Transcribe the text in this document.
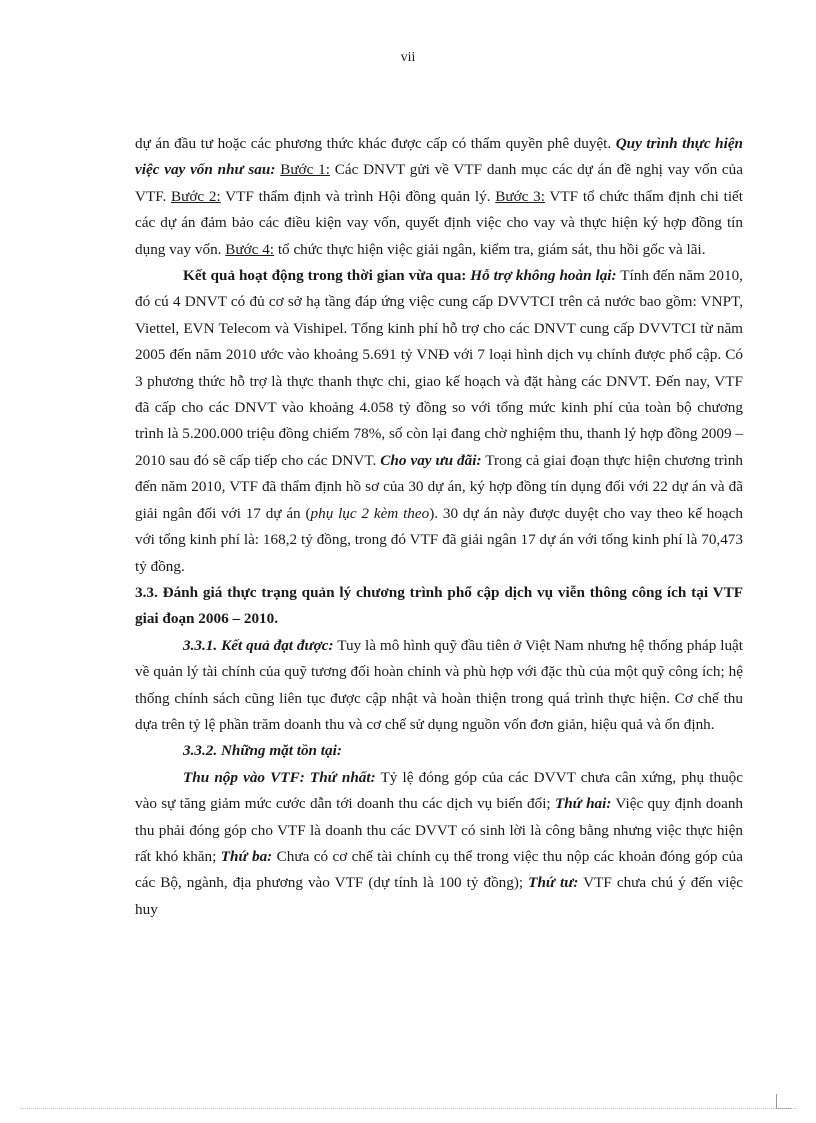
vii

dự án đầu tư hoặc các phương thức khác được cấp có thẩm quyền phê duyệt. Quy trình thực hiện việc vay vốn như sau: Bước 1: Các DNVT gửi về VTF danh mục các dự án đề nghị vay vốn của VTF. Bước 2: VTF thẩm định và trình Hội đồng quản lý. Bước 3: VTF tổ chức thẩm định chi tiết các dự án đảm bảo các điều kiện vay vốn, quyết định việc cho vay và thực hiện ký hợp đồng tín dụng vay vốn. Bước 4: tổ chức thực hiện việc giải ngân, kiểm tra, giám sát, thu hồi gốc và lãi.

Kết quả hoạt động trong thời gian vừa qua: Hỗ trợ không hoàn lại: Tính đến năm 2010, đó cú 4 DNVT có đủ cơ sở hạ tầng đáp ứng việc cung cấp DVVTCI trên cả nước bao gồm: VNPT, Viettel, EVN Telecom và Vishipel. Tổng kinh phí hỗ trợ cho các DNVT cung cấp DVVTCI từ năm 2005 đến năm 2010 ước vào khoảng 5.691 tỷ VNĐ với 7 loại hình dịch vụ chính được phổ cập. Có 3 phương thức hỗ trợ là thực thanh thực chi, giao kế hoạch và đặt hàng các DNVT. Đến nay, VTF đã cấp cho các DNVT vào khoảng 4.058 tỷ đồng so với tổng mức kinh phí của toàn bộ chương trình là 5.200.000 triệu đồng chiếm 78%, số còn lại đang chờ nghiệm thu, thanh lý hợp đồng 2009 – 2010 sau đó sẽ cấp tiếp cho các DNVT. Cho vay ưu đãi: Trong cả giai đoạn thực hiện chương trình đến năm 2010, VTF đã thẩm định hồ sơ của 30 dự án, ký hợp đồng tín dụng đối với 22 dự án và đã giải ngân đối với 17 dự án (phụ lục 2 kèm theo). 30 dự án này được duyệt cho vay theo kế hoạch với tổng kinh phí là: 168,2 tỷ đồng, trong đó VTF đã giải ngân 17 dự án với tổng kinh phí là 70,473 tỷ đồng.

3.3. Đánh giá thực trạng quản lý chương trình phổ cập dịch vụ viễn thông công ích tại VTF giai đoạn 2006 – 2010.

3.3.1. Kết quả đạt được: Tuy là mô hình quỹ đầu tiên ở Việt Nam nhưng hệ thống pháp luật về quản lý tài chính của quỹ tương đối hoàn chỉnh và phù hợp với đặc thù của một quỹ công ích; hệ thống chính sách cũng liên tục được cập nhật và hoàn thiện trong quá trình thực hiện. Cơ chế thu dựa trên tỷ lệ phần trăm doanh thu và cơ chế sử dụng nguồn vốn đơn giản, hiệu quả và ổn định.

3.3.2. Những mặt tồn tại:

Thu nộp vào VTF: Thứ nhất: Tỷ lệ đóng góp của các DVVT chưa cân xứng, phụ thuộc vào sự tăng giảm mức cước dẫn tới doanh thu các dịch vụ biến đổi; Thứ hai: Việc quy định doanh thu phải đóng góp cho VTF là doanh thu các DVVT có sinh lời là công bằng nhưng việc thực hiện rất khó khăn; Thứ ba: Chưa có cơ chế tài chính cụ thể trong việc thu nộp các khoản đóng góp của các Bộ, ngành, địa phương vào VTF (dự tính là 100 tỷ đồng); Thứ tư: VTF chưa chú ý đến việc huy
